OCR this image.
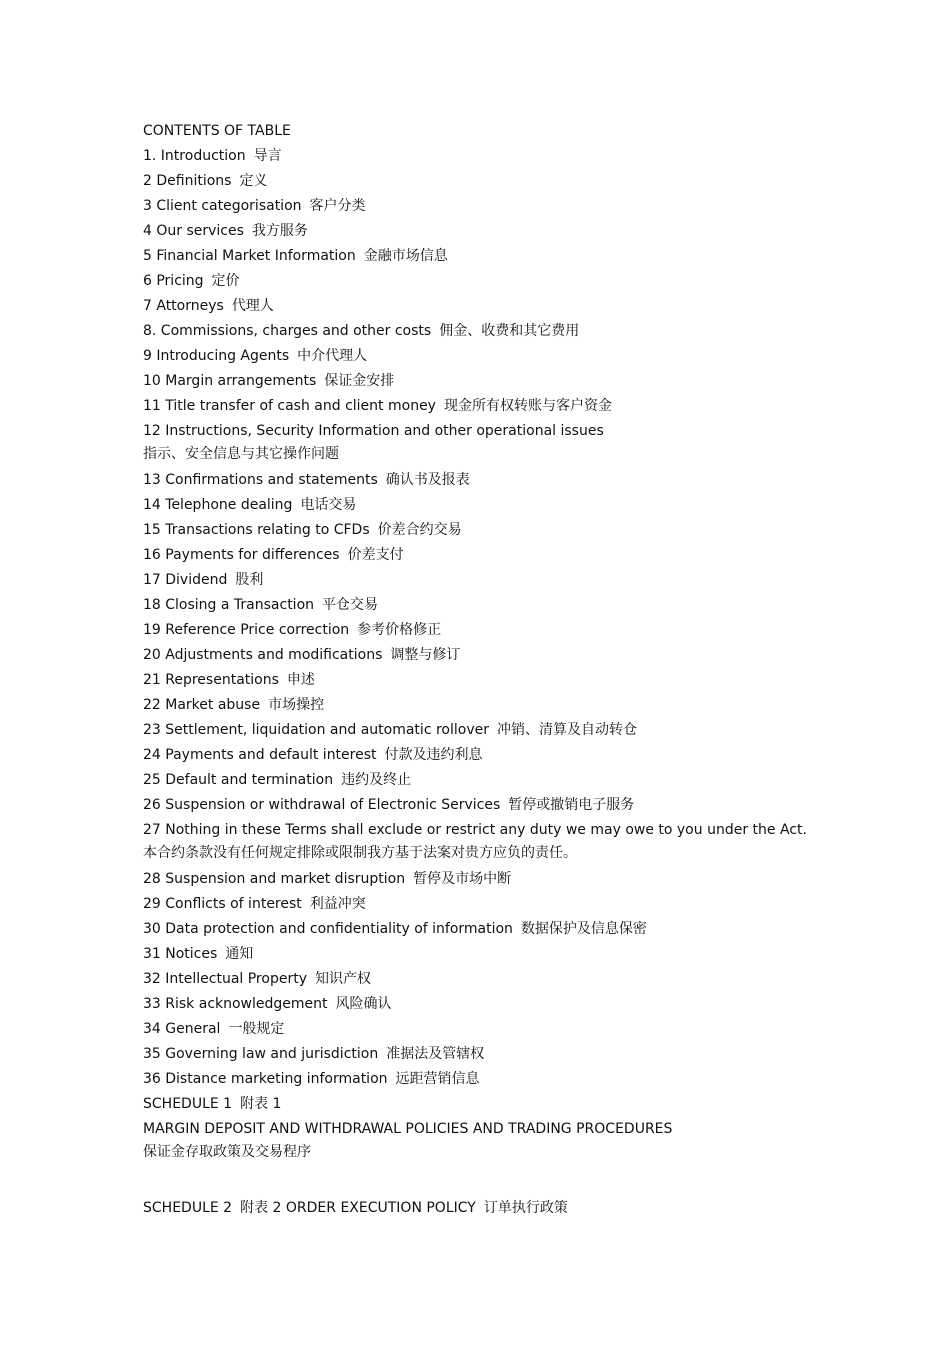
CONTENTS OF TABLE
1. Introduction 导言
2 Definitions 定义
3 Client categorisation 客户分类
4 Our services 我方服务
5 Financial Market Information 金融市场信息
6 Pricing 定价
7 Attorneys 代理人
8. Commissions, charges and other costs 佣金、收费和其它费用
9 Introducing Agents 中介代理人
10 Margin arrangements 保证金安排
11 Title transfer of cash and client money 现金所有权转账与客户资金
12 Instructions, Security Information and other operational issues
指示、安全信息与其它操作问题
13 Confirmations and statements 确认书及报表
14 Telephone dealing 电话交易
15 Transactions relating to CFDs 价差合约交易
16 Payments for differences 价差支付
17 Dividend 股利
18 Closing a Transaction 平仓交易
19 Reference Price correction 参考价格修正
20 Adjustments and modifications 调整与修订
21 Representations 申述
22 Market abuse 市场操控
23 Settlement, liquidation and automatic rollover 冲销、清算及自动转仓
24 Payments and default interest 付款及违约利息
25 Default and termination 违约及终止
26 Suspension or withdrawal of Electronic Services 暂停或撤销电子服务
27 Nothing in these Terms shall exclude or restrict any duty we may owe to you under the Act.
本合约条款没有任何规定排除或限制我方基于法案对贵方应负的责任。
28 Suspension and market disruption 暂停及市场中断
29 Conflicts of interest 利益冲突
30 Data protection and confidentiality of information 数据保护及信息保密
31 Notices 通知
32 Intellectual Property 知识产权
33 Risk acknowledgement 风险确认
34 General 一般规定
35 Governing law and jurisdiction 准据法及管辖权
36 Distance marketing information 远距营销信息
SCHEDULE 1 附表 1
MARGIN DEPOSIT AND WITHDRAWAL POLICIES AND TRADING PROCEDURES
保证金存取政策及交易程序
SCHEDULE 2 附表 2 ORDER EXECUTION POLICY 订单执行政策
